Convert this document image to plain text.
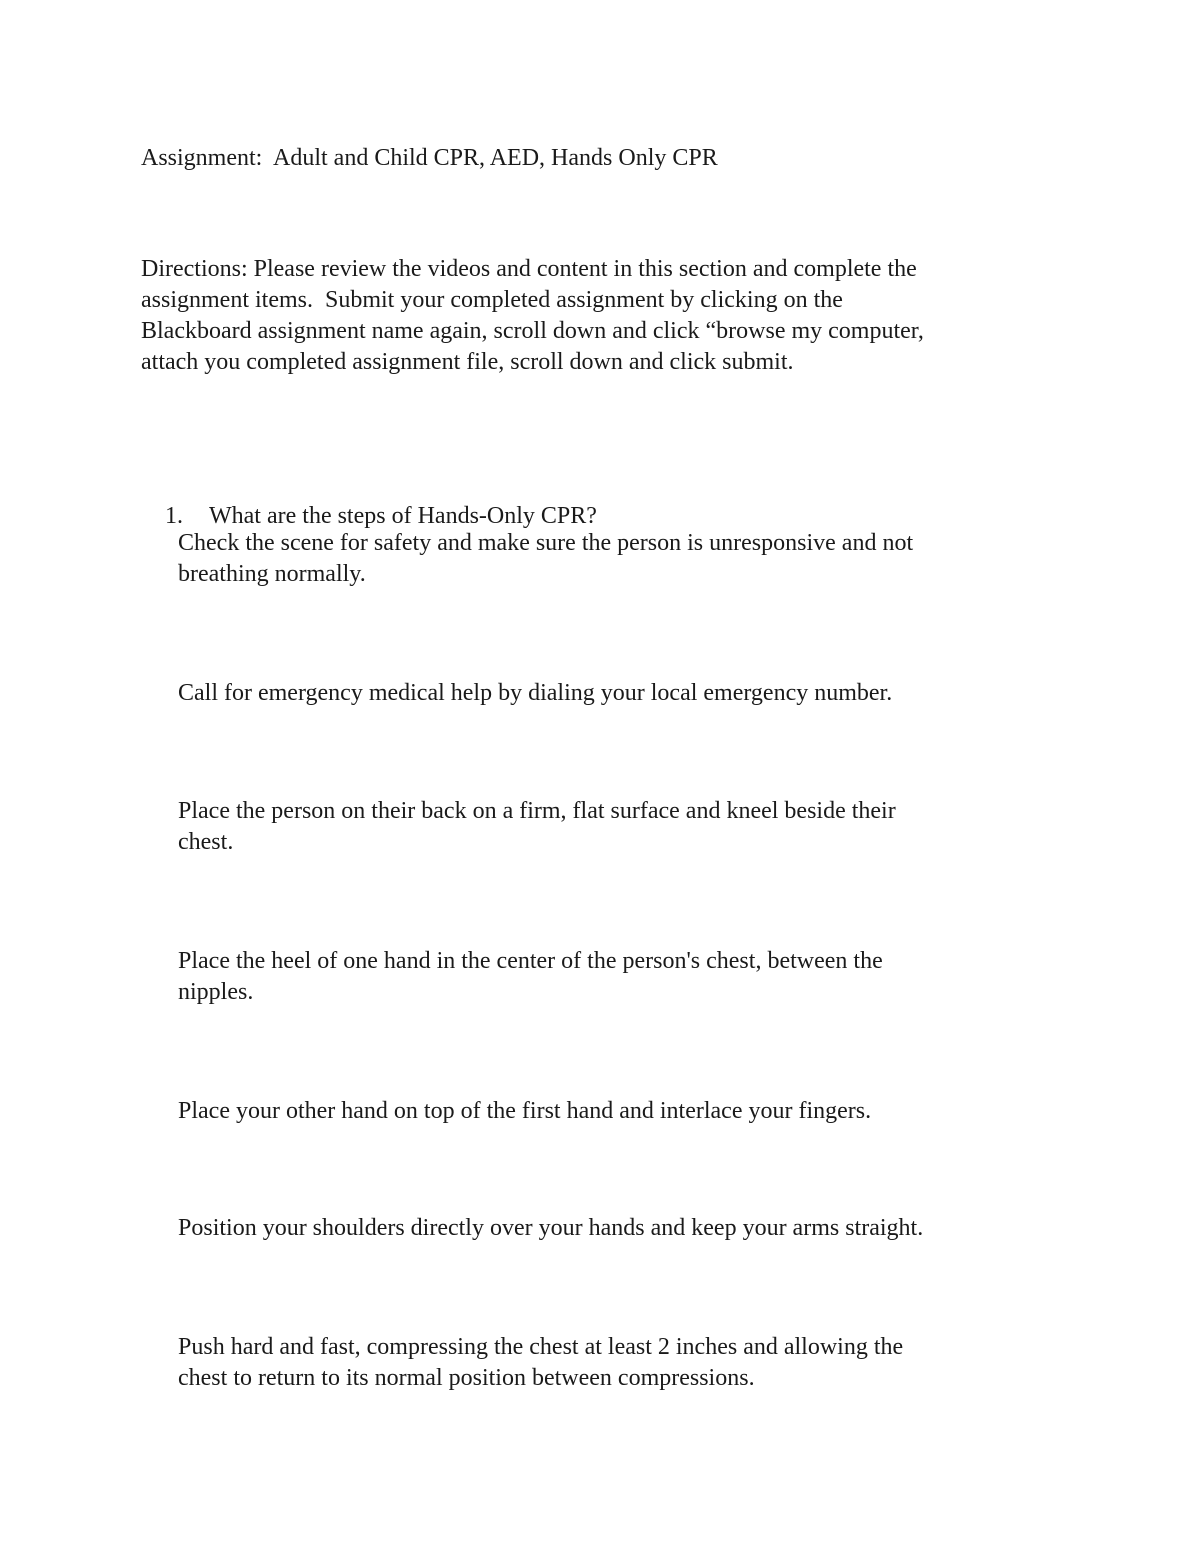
Assignment:  Adult and Child CPR, AED, Hands Only CPR
Directions: Please review the videos and content in this section and complete the
assignment items.  Submit your completed assignment by clicking on the
Blackboard assignment name again, scroll down and click “browse my computer,
attach you completed assignment file, scroll down and click submit.

1. What are the steps of Hands-Only CPR?

Check the scene for safety and make sure the person is unresponsive and not
breathing normally.
Call for emergency medical help by dialing your local emergency number.
Place the person on their back on a firm, flat surface and kneel beside their
chest.
Place the heel of one hand in the center of the person's chest, between the
nipples.
Place your other hand on top of the first hand and interlace your fingers.
Position your shoulders directly over your hands and keep your arms straight.
Push hard and fast, compressing the chest at least 2 inches and allowing the
chest to return to its normal position between compressions.
